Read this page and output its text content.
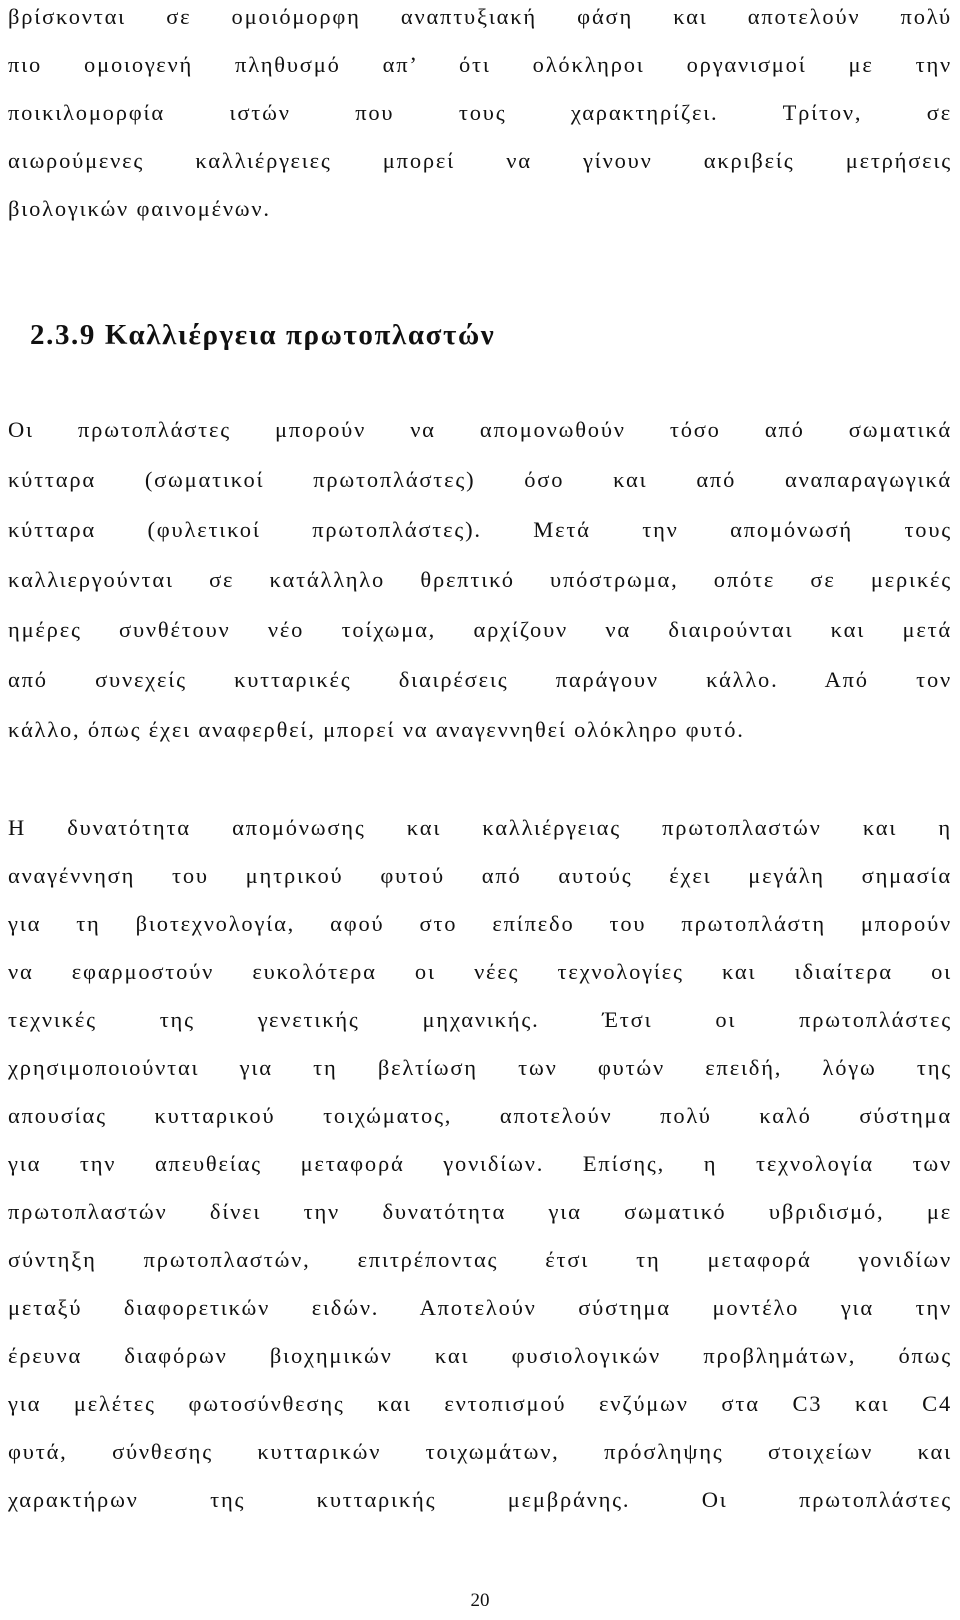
βρίσκονται σε ομοιόμορφη αναπτυξιακή φάση και αποτελούν πολύ
πιο ομοιογενή πληθυσμό απ’ ότι ολόκληροι οργανισμοί με την
ποικιλομορφία ιστών που τους χαρακτηρίζει. Τρίτον, σε
αιωρούμενες καλλιέργειες μπορεί να γίνουν ακριβείς μετρήσεις
βιολογικών φαινομένων.
2.3.9 Καλλιέργεια πρωτοπλαστών
Οι πρωτοπλάστες μπορούν να απομονωθούν τόσο από σωματικά
κύτταρα (σωματικοί πρωτοπλάστες) όσο και από αναπαραγωγικά
κύτταρα (φυλετικοί πρωτοπλάστες). Μετά την απομόνωσή τους
καλλιεργούνται σε κατάλληλο θρεπτικό υπόστρωμα, οπότε σε μερικές
ημέρες συνθέτουν νέο τοίχωμα, αρχίζουν να διαιρούνται και μετά
από συνεχείς κυτταρικές διαιρέσεις παράγουν κάλλο. Από τον
κάλλο, όπως έχει αναφερθεί, μπορεί να αναγεννηθεί ολόκληρο φυτό.
Η δυνατότητα απομόνωσης και καλλιέργειας πρωτοπλαστών και η
αναγέννηση του μητρικού φυτού από αυτούς έχει μεγάλη σημασία
για τη βιοτεχνολογία, αφού στο επίπεδο του πρωτοπλάστη μπορούν
να εφαρμοστούν ευκολότερα οι νέες τεχνολογίες και ιδιαίτερα οι
τεχνικές της γενετικής μηχανικής. Έτσι οι πρωτοπλάστες
χρησιμοποιούνται για τη βελτίωση των φυτών επειδή, λόγω της
απουσίας κυτταρικού τοιχώματος, αποτελούν πολύ καλό σύστημα
για την απευθείας μεταφορά γονιδίων. Επίσης, η τεχνολογία των
πρωτοπλαστών δίνει την δυνατότητα για σωματικό υβριδισμό, με
σύντηξη πρωτοπλαστών, επιτρέποντας έτσι τη μεταφορά γονιδίων
μεταξύ διαφορετικών ειδών. Αποτελούν σύστημα μοντέλο για την
έρευνα διαφόρων βιοχημικών και φυσιολογικών προβλημάτων, όπως
για μελέτες φωτοσύνθεσης και εντοπισμού ενζύμων στα C3 και C4
φυτά, σύνθεσης κυτταρικών τοιχωμάτων, πρόσληψης στοιχείων και
χαρακτήρων της κυτταρικής μεμβράνης. Οι πρωτοπλάστες
20
